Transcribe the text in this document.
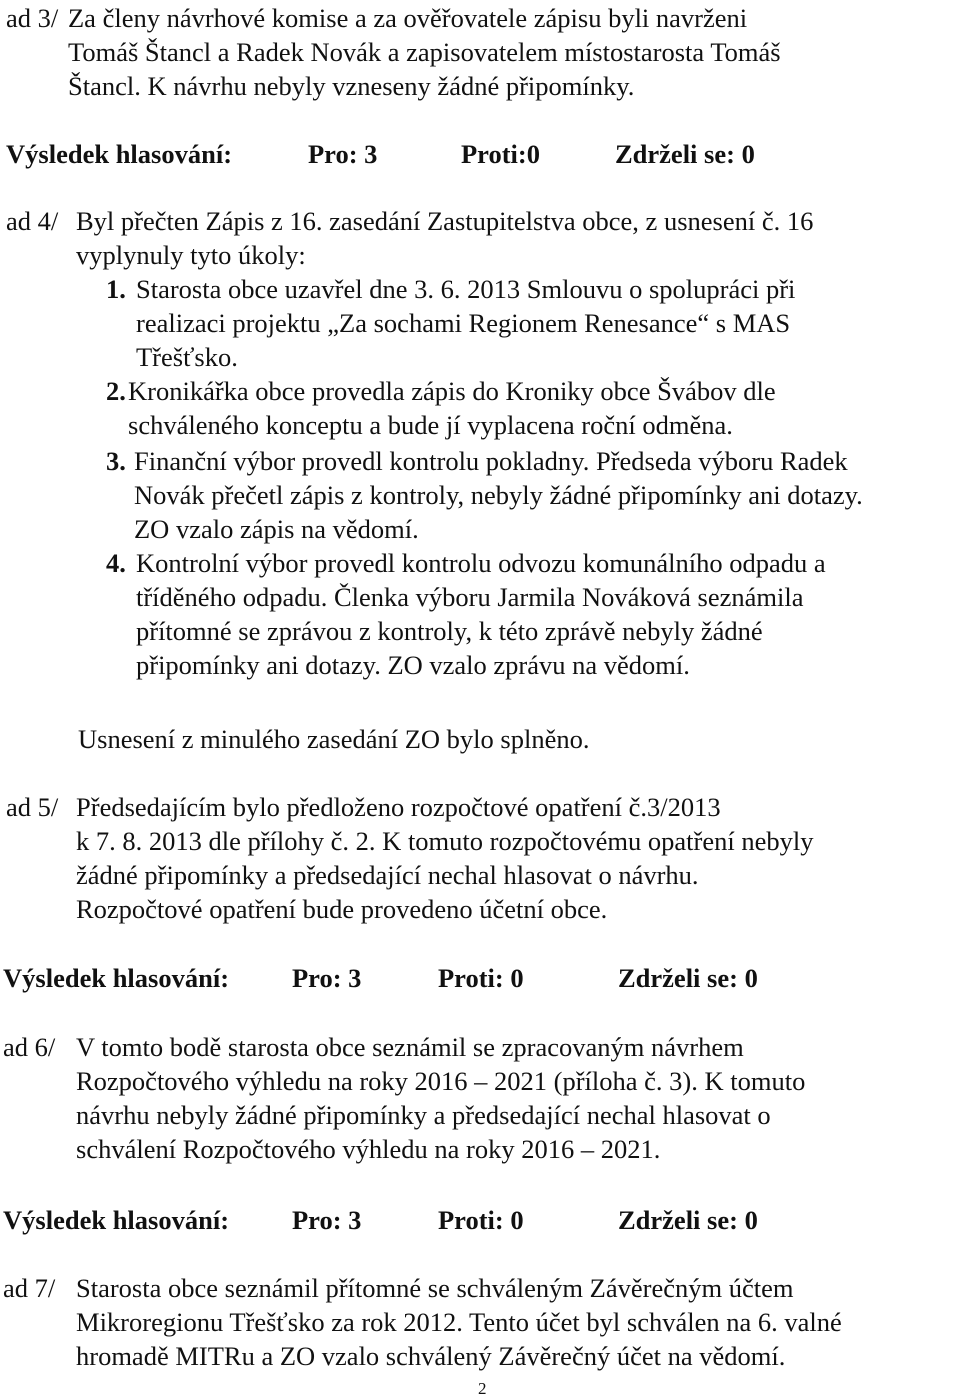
ad 3/ Za členy návrhové komise a za ověřovatele zápisu byli navrženi
Tomáš Štancl a Radek Novák a zapisovatelem místostarosta Tomáš
Štancl. K návrhu nebyly vzneseny žádné připomínky.
Výsledek hlasování:	Pro: 3	Proti:0	Zdrželi se: 0
ad 4/ Byl přečten Zápis z 16. zasedání Zastupitelstva obce, z usnesení č. 16
vyplynuly tyto úkoly:
1. Starosta obce uzavřel dne 3. 6. 2013 Smlouvu o spolupráci při
realizaci projektu „Za sochami Regionem Renesance“ s MAS
Třešťsko.
2. Kronikářka obce provedla zápis do Kroniky obce Švábov dle
schváleného konceptu a bude jí vyplacena roční odměna.
3. Finanční výbor provedl kontrolu pokladny. Předseda výboru Radek
Novák přečetl zápis z kontroly, nebyly žádné připomínky ani dotazy.
ZO vzalo zápis na vědomí.
4. Kontrolní výbor provedl kontrolu odvozu komunálního odpadu a
tříděného odpadu. Členka výboru Jarmila Nováková seznámila
přítomné se zprávou z kontroly, k této zprávě nebyly žádné
připomínky ani dotazy. ZO vzalo zprávu na vědomí.
Usnesení z minulého zasedání ZO bylo splněno.
ad 5/ Předsedajícím bylo předloženo rozpočtové opatření č.3/2013
k 7. 8. 2013 dle přílohy č. 2. K tomuto rozpočtovému opatření nebyly
žádné připomínky a předsedající nechal hlasovat o návrhu.
Rozpočtové opatření bude provedeno účetní obce.
Výsledek hlasování: Pro: 3	Proti: 0	Zdrželi se: 0
ad 6/ V tomto bodě starosta obce seznámil se zpracovaným návrhem
Rozpočtového výhledu na roky 2016 – 2021 (příloha č. 3). K tomuto
návrhu nebyly žádné připomínky a předsedající nechal hlasovat o
schválení Rozpočtového výhledu na roky 2016 – 2021.
Výsledek hlasování: Pro: 3	Proti: 0	Zdrželi se: 0
ad 7/ Starosta obce seznámil přítomné se schváleným Závěrečným účtem
Mikroregionu Třešťsko za rok 2012. Tento účet byl schválen na 6. valné
hromadě MITRu a ZO vzalo schválený Závěrečný účet na vědomí.
2
